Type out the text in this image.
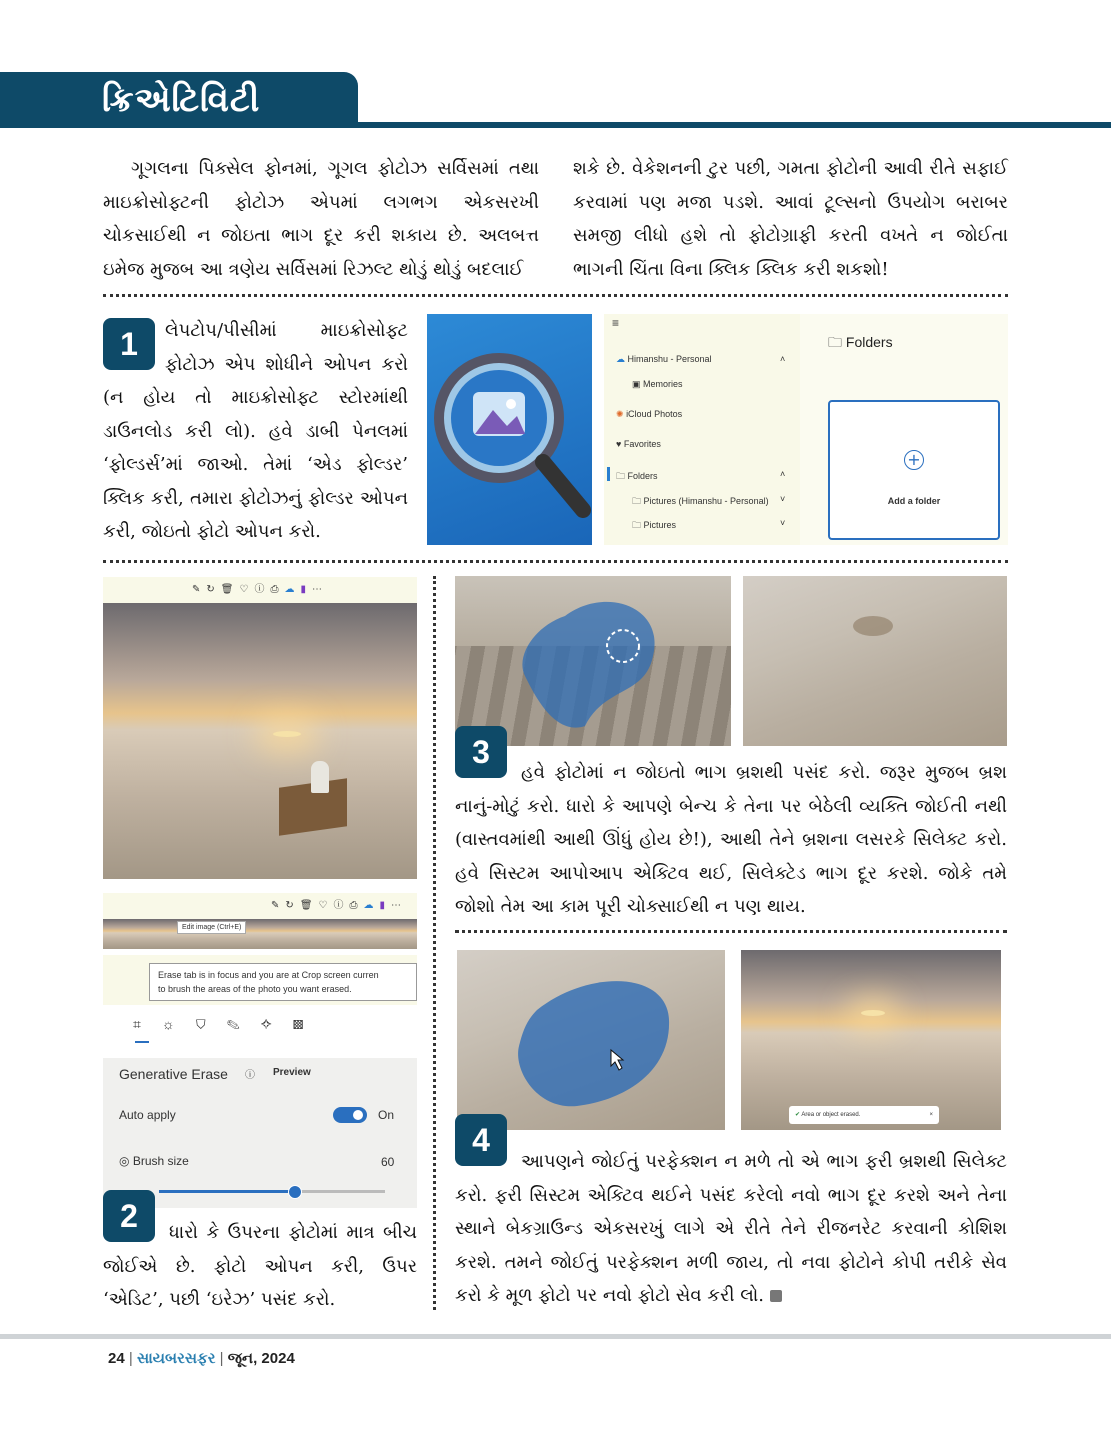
ક્રિએટિવિટી

ગૂગલના પિક્સેલ ફોનમાં, ગૂગલ ફોટોઝ સર્વિસમાં તથા માઇક્રોસોફ્ટની ફોટોઝ એપમાં લગભગ એકસરખી ચોકસાઈથી ન જોઇતા ભાગ દૂર કરી શકાય છે. અલબત્ત ઇમેજ મુજબ આ ત્રણેય સર્વિસમાં રિઝલ્ટ થોડું થોડું બદલાઈ

શકે છે. વેકેશનની ટુર પછી, ગમતા ફોટોની આવી રીતે સફાઈ કરવામાં પણ મજા પડશે. આવાં ટૂલ્સનો ઉપયોગ બરાબર સમજી લીધો હશે તો ફોટોગ્રાફી કરતી વખતે ન જોઈતા ભાગની ચિંતા વિના ક્લિક ક્લિક કરી શકશો!

1	લેપટોપ/પીસીમાં માઇક્રોસોફ્ટ ફોટોઝ એપ શોધીને ઓપન કરો (ન હોય તો માઇક્રોસોફ્ટ સ્ટોરમાંથી ડાઉનલોડ કરી લો). હવે ડાબી પેનલમાં ‘ફોલ્ડર્સ’માં જાઓ. તેમાં ‘એડ ફોલ્ડર’ ક્લિક કરી, તમારા ફોટોઝનું ફોલ્ડર ઓપન કરી, જોઇતો ફોટો ઓપન કરો.

≡
☁ Himanshu - Personal	˄
▣ Memories
✺ iCloud Photos
♥ Favorites
🗀 Folders	˄
🗀 Pictures (Himanshu - Personal) ˅
🗀 Pictures	˅
🗀 Folders
+
Add a folder
✎↻🗑♡ⓘ⎙☁▮⋯
✎↻🗑♡ⓘ⎙☁▮⋯
Edit image (Ctrl+E)
Erase tab is in focus and you are at Crop screen curren
to brush the areas of the photo you want erased.
⌗☼⛉✎✧▩
Generative Erase ⓘ Preview
Auto apply	On
◎ Brush size	60
2	ધારો કે ઉપરના ફોટોમાં માત્ર બીચ જોઈએ છે. ફોટો ઓપન કરી, ઉપર ‘એડિટ’, પછી ‘ઇરેઝ’ પસંદ કરો.

3

હવે ફોટોમાં ન જોઇતો ભાગ બ્રશથી પસંદ કરો. જરૂર મુજબ બ્રશ નાનું-મોટું કરો. ધારો કે આપણે બેન્ચ કે તેના પર બેઠેલી વ્યક્તિ જોઈતી નથી (વાસ્તવમાંથી આથી ઊંધું હોય છે!), આથી તેને બ્રશના લસરકે સિલેક્ટ કરો. હવે સિસ્ટમ આપોઆપ એક્ટિવ થઈ, સિલેક્ટેડ ભાગ દૂર કરશે. જોકે તમે જોશો તેમ આ કામ પૂરી ચોક્સાઈથી ન પણ થાય.

✔ Area or object erased.	×
4

આપણને જોઈતું પરફેક્શન ન મળે તો એ ભાગ ફરી બ્રશથી સિલેક્ટ કરો. ફરી સિસ્ટમ એક્ટિવ થઈને પસંદ કરેલો નવો ભાગ દૂર કરશે અને તેના સ્થાને બેકગ્રાઉન્ડ એકસરખું લાગે એ રીતે તેને રીજનરેટ કરવાની કોશિશ કરશે. તમને જોઈતું પરફેક્શન મળી જાય, તો નવા ફોટોને કોપી તરીકે સેવ કરો કે મૂળ ફોટો પર નવો ફોટો સેવ કરી લો.

24 | સાયબરસફર | જૂન, 2024
